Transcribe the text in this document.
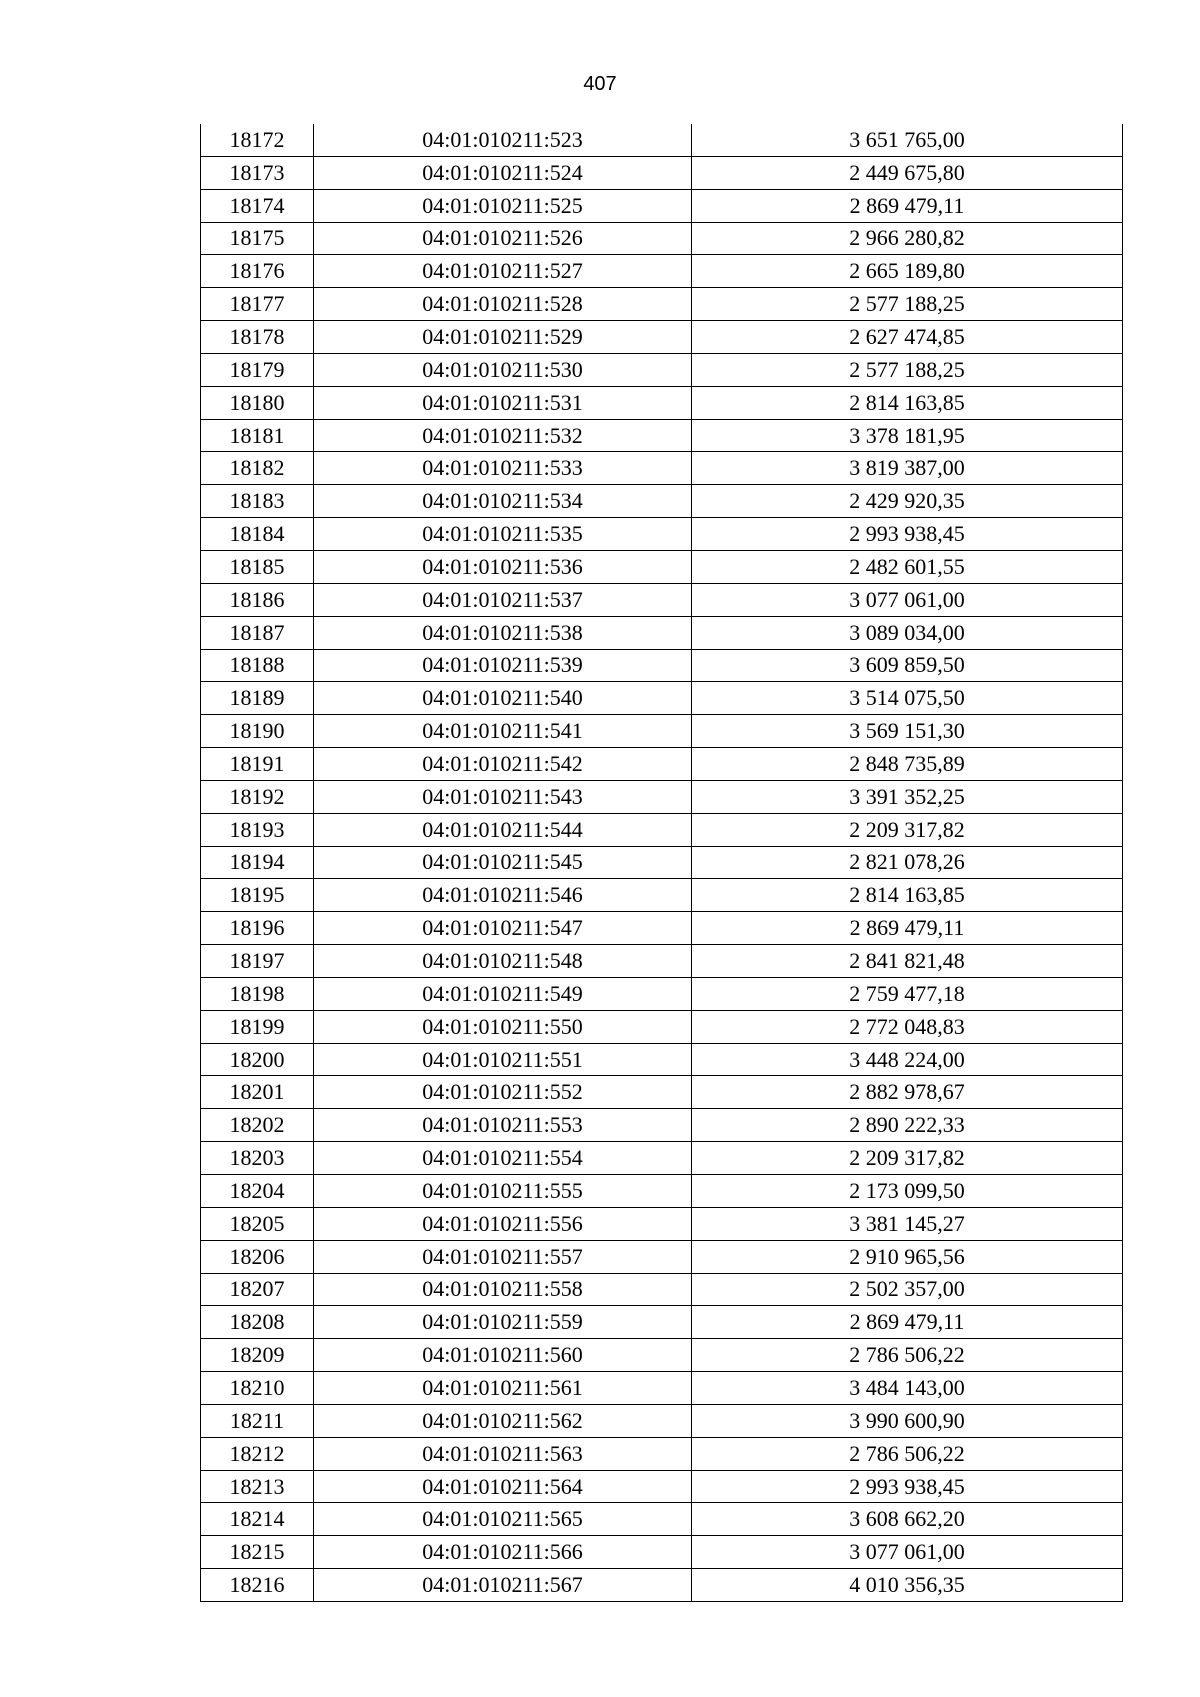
407
18172	04:01:010211:523	3 651 765,00
18173	04:01:010211:524	2 449 675,80
18174	04:01:010211:525	2 869 479,11
18175	04:01:010211:526	2 966 280,82
18176	04:01:010211:527	2 665 189,80
18177	04:01:010211:528	2 577 188,25
18178	04:01:010211:529	2 627 474,85
18179	04:01:010211:530	2 577 188,25
18180	04:01:010211:531	2 814 163,85
18181	04:01:010211:532	3 378 181,95
18182	04:01:010211:533	3 819 387,00
18183	04:01:010211:534	2 429 920,35
18184	04:01:010211:535	2 993 938,45
18185	04:01:010211:536	2 482 601,55
18186	04:01:010211:537	3 077 061,00
18187	04:01:010211:538	3 089 034,00
18188	04:01:010211:539	3 609 859,50
18189	04:01:010211:540	3 514 075,50
18190	04:01:010211:541	3 569 151,30
18191	04:01:010211:542	2 848 735,89
18192	04:01:010211:543	3 391 352,25
18193	04:01:010211:544	2 209 317,82
18194	04:01:010211:545	2 821 078,26
18195	04:01:010211:546	2 814 163,85
18196	04:01:010211:547	2 869 479,11
18197	04:01:010211:548	2 841 821,48
18198	04:01:010211:549	2 759 477,18
18199	04:01:010211:550	2 772 048,83
18200	04:01:010211:551	3 448 224,00
18201	04:01:010211:552	2 882 978,67
18202	04:01:010211:553	2 890 222,33
18203	04:01:010211:554	2 209 317,82
18204	04:01:010211:555	2 173 099,50
18205	04:01:010211:556	3 381 145,27
18206	04:01:010211:557	2 910 965,56
18207	04:01:010211:558	2 502 357,00
18208	04:01:010211:559	2 869 479,11
18209	04:01:010211:560	2 786 506,22
18210	04:01:010211:561	3 484 143,00
18211	04:01:010211:562	3 990 600,90
18212	04:01:010211:563	2 786 506,22
18213	04:01:010211:564	2 993 938,45
18214	04:01:010211:565	3 608 662,20
18215	04:01:010211:566	3 077 061,00
18216	04:01:010211:567	4 010 356,35
